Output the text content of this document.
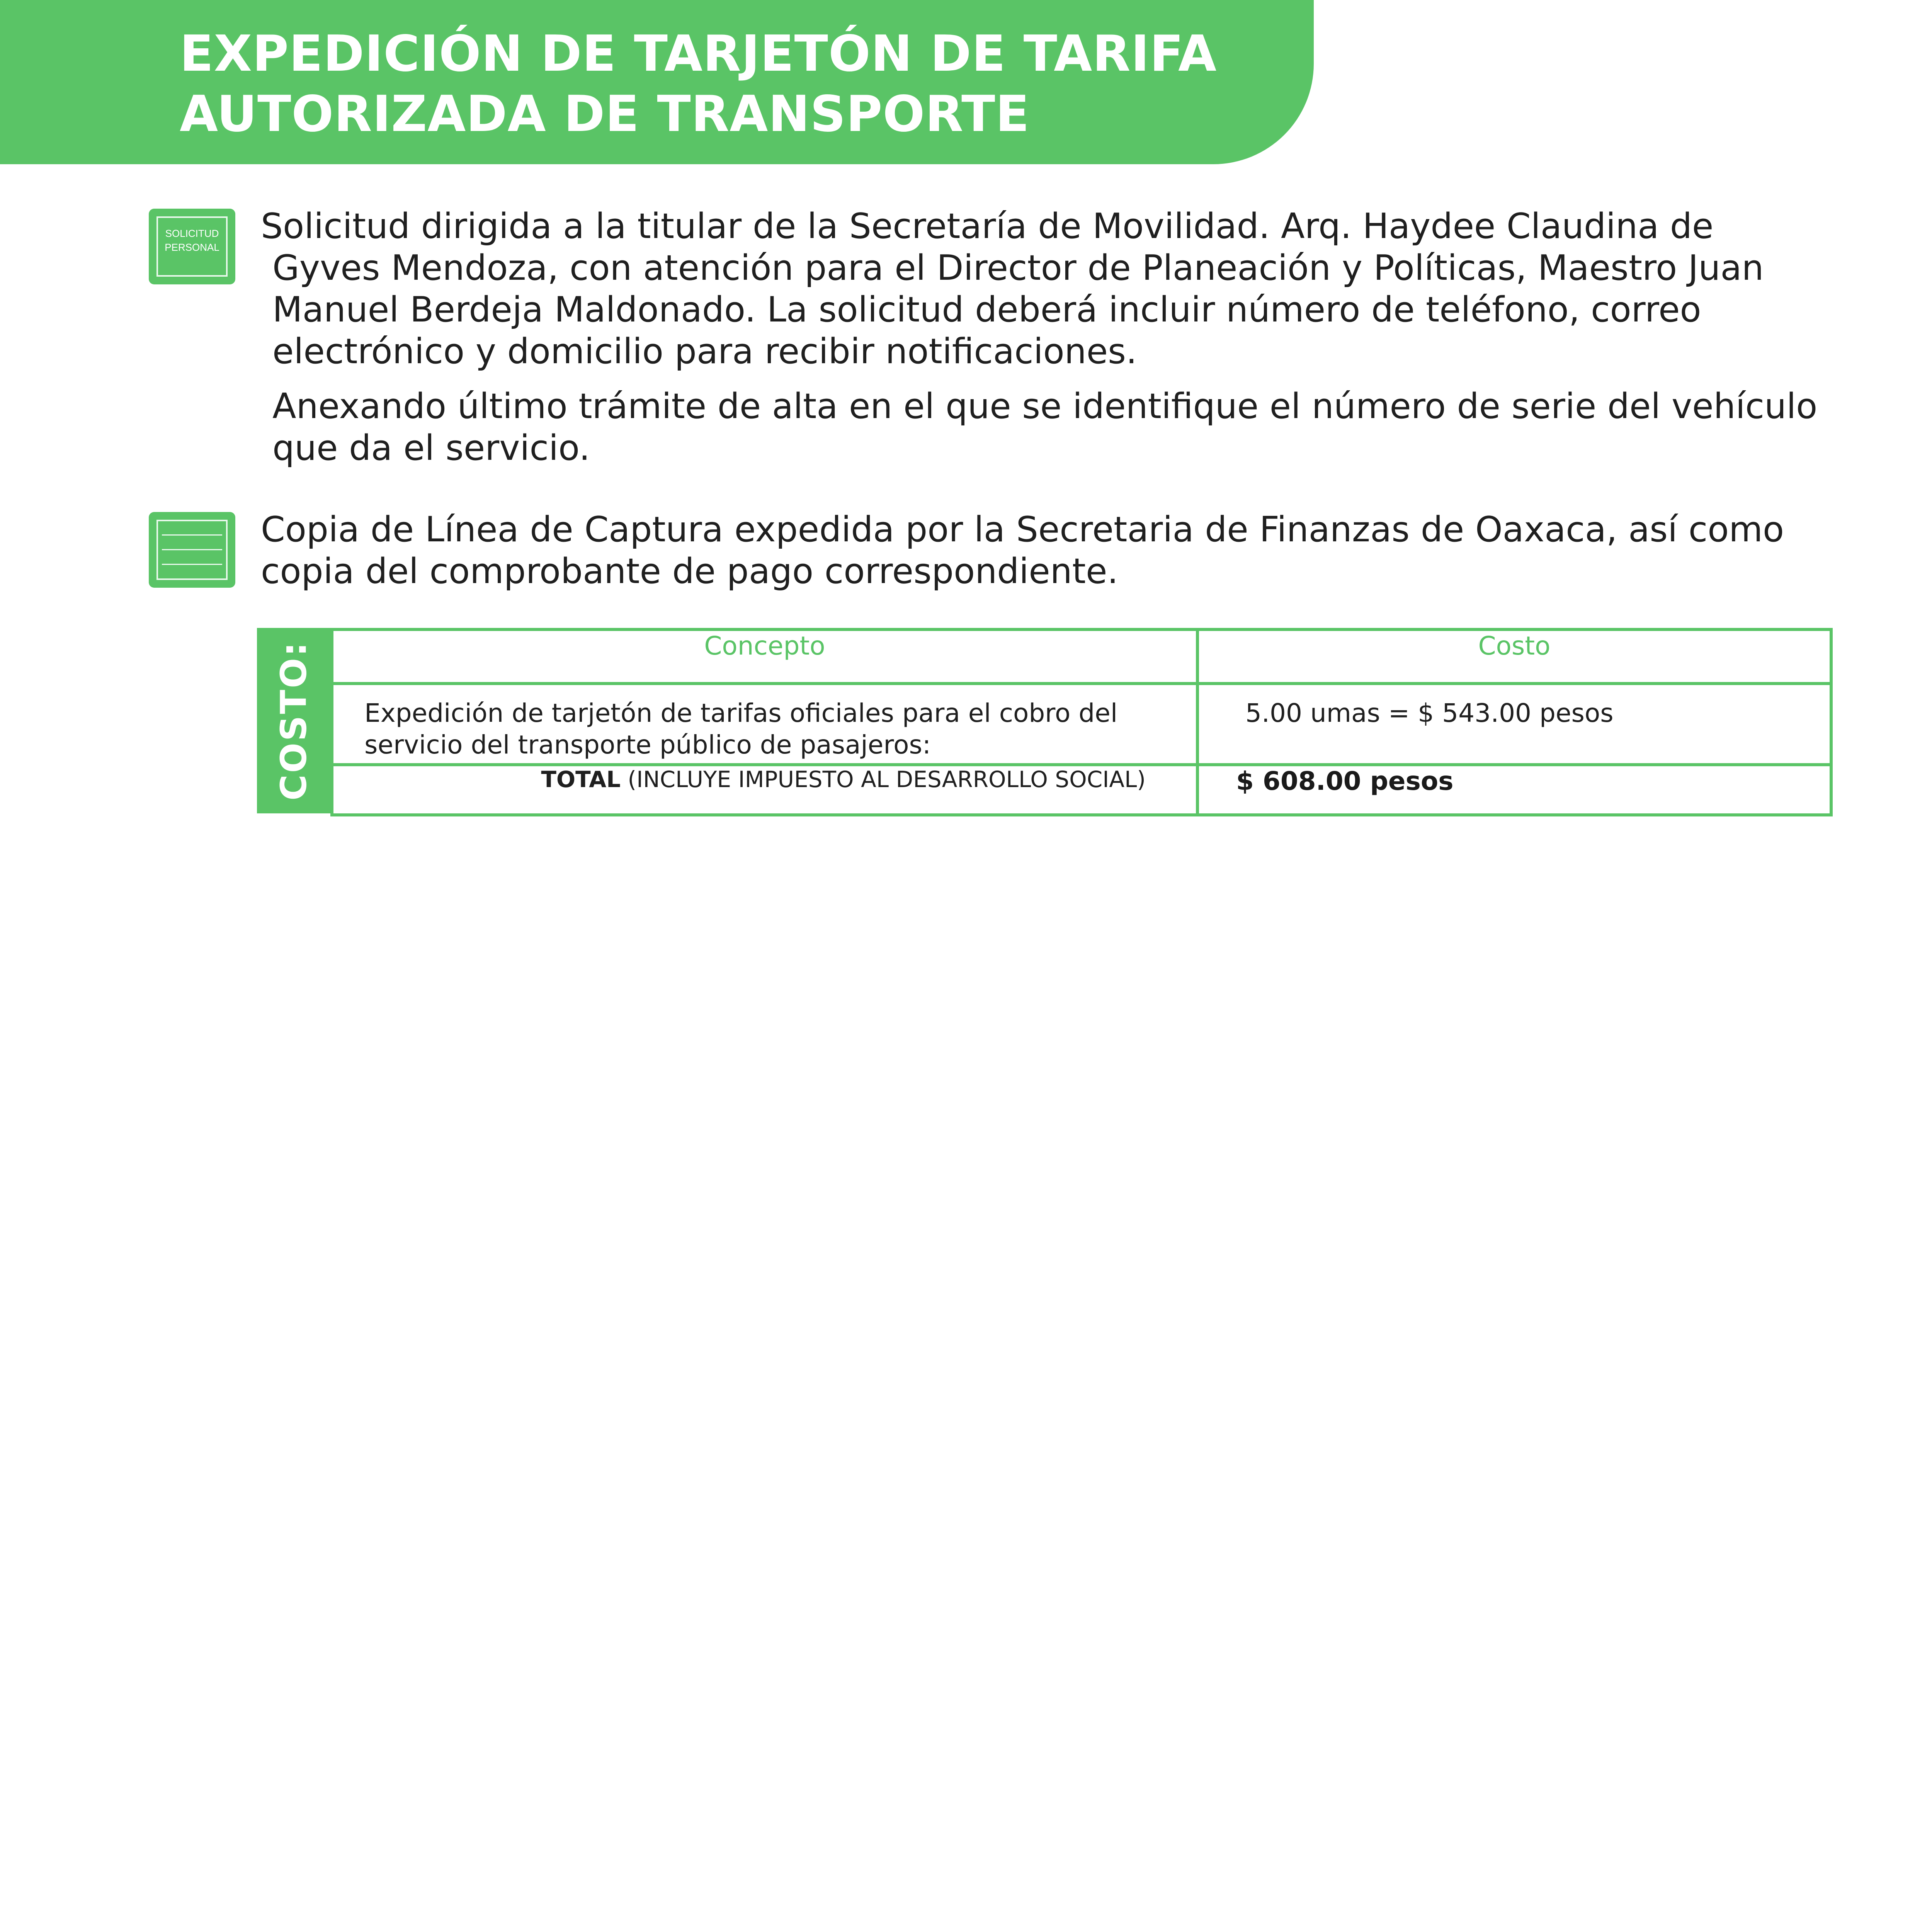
EXPEDICIÓN DE TARJETÓN DE TARIFA
AUTORIZADA DE TRANSPORTE
SOLICITUD
PERSONAL

Solicitud dirigida a la titular de la Secretaría de Movilidad. Arq. Haydee Claudina de Gyves Mendoza, con atención para el Director de Planeación y Políticas, Maestro Juan Manuel Berdeja Maldonado. La solicitud deberá incluir número de teléfono, correo electrónico y domicilio para recibir notificaciones.

Anexando último trámite de alta en el que se identifique el número de serie del vehículo que da el servicio.

Copia de Línea de Captura expedida por la Secretaria de Finanzas de Oaxaca, así como copia del comprobante de pago correspondiente.

COSTO:	Concepto	Costo
Expedición de tarjetón de tarifas oficiales para el cobro del servicio del transporte público de pasajeros:	5.00 umas = $ 543.00 pesos
TOTAL (INCLUYE IMPUESTO AL DESARROLLO SOCIAL)	$ 608.00 pesos
